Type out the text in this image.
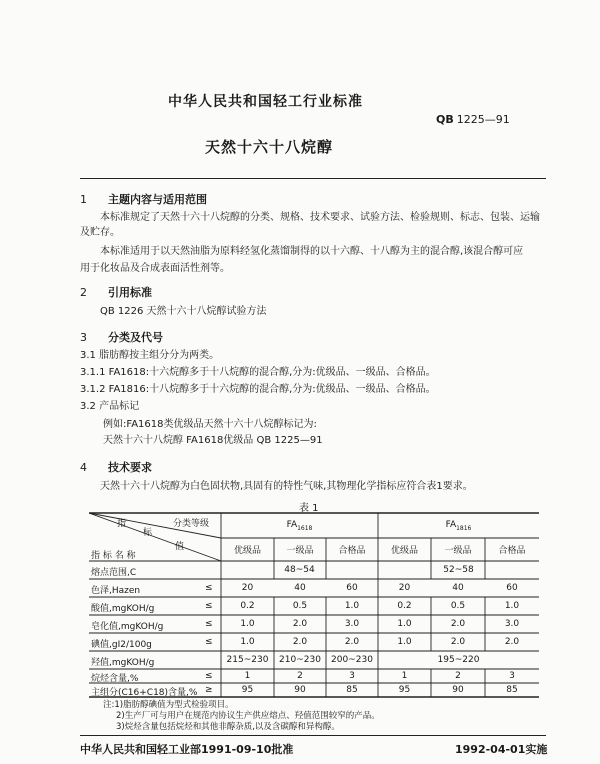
中华人民共和国轻工行业标准
QB 1225—91
天然十六十八烷醇
1 主题内容与适用范围
本标准规定了天然十六十八烷醇的分类、规格、技术要求、试验方法、检验规则、标志、包装、运输
及贮存。
本标准适用于以天然油脂为原料经氢化蒸馏制得的以十六醇、十八醇为主的混合醇,该混合醇可应
用于化妆品及合成表面活性剂等。
2 引用标准
QB 1226 天然十六十八烷醇试验方法
3 分类及代号
3.1 脂肪醇按主组分分为两类。
3.1.1 FA1618:十六烷醇多于十八烷醇的混合醇,分为:优级品、一级品、合格品。
3.1.2 FA1816:十八烷醇多于十六烷醇的混合醇,分为:优级品、一级品、合格品。
3.2 产品标记
例如:FA1618类优级品天然十六十八烷醇标记为:
天然十六十八烷醇 FA1618优级品 QB 1225—91
4 技术要求
天然十六十八烷醇为白色固状物,具固有的特性气味,其物理化学指标应符合表1要求。
表 1
指
标
分类等级
值
指 标 名 称
$FA_{1618}$	$FA_{1816}$
优级品	一级品	合格品	优级品	一级品	合格品
熔点范围,C	48~54	52~58
色泽,Hazen	≤	20	40	60	20	40	60
酸值,mgKOH/g	≤	0.2	0.5	1.0	0.2	0.5	1.0
皂化值,mgKOH/g	≤	1.0	2.0	3.0	1.0	2.0	3.0
碘值,gI2/100g	≤	1.0	2.0	2.0	1.0	2.0	2.0
羟值,mgKOH/g	215~230	210~230	200~230	195~220
烷烃含量,%	≤	1	2	3	1	2	3
主组分(C16+C18)含量,% ≥	95	90	85	95	90	85
注:1)脂肪醇碘值为型式检验项目。
2)生产厂可与用户在规范内协议生产供应熔点、羟值范围较窄的产品。
3)烷烃含量包括烷烃和其他非醇杂质,以及含碳醇和异构醇。
中华人民共和国轻工业部1991-09-10批准	1992-04-01实施
